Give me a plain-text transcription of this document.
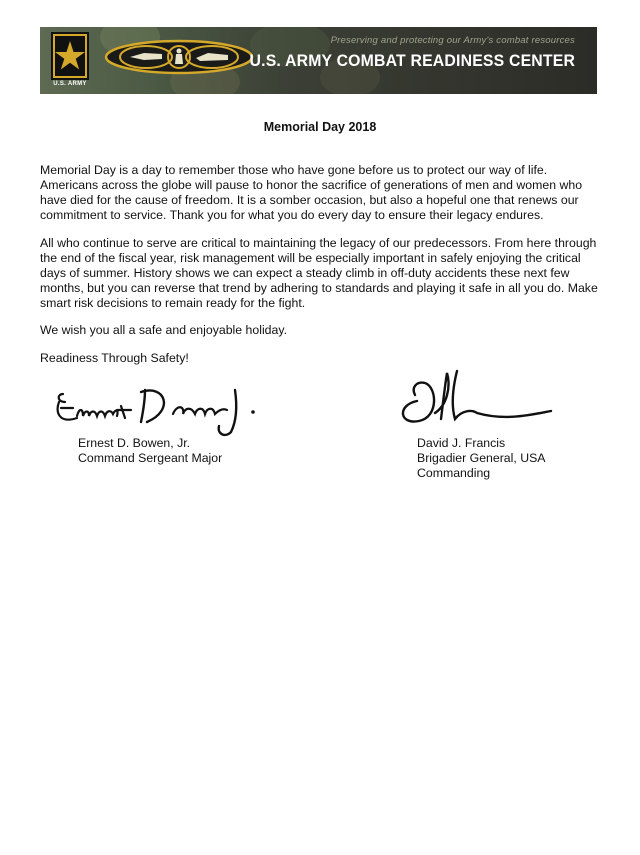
U.S. ARMY
Preserving and protecting our Army's combat resources
U.S. ARMY COMBAT READINESS CENTER
Memorial Day 2018

Memorial Day is a day to remember those who have gone before us to protect our way of life. Americans across the globe will pause to honor the sacrifice of generations of men and women who have died for the cause of freedom. It is a somber occasion, but also a hopeful one that renews our commitment to service. Thank you for what you do every day to ensure their legacy endures.

All who continue to serve are critical to maintaining the legacy of our predecessors. From here through the end of the fiscal year, risk management will be especially important in safely enjoying the critical days of summer. History shows we can expect a steady climb in off-duty accidents these next few months, but you can reverse that trend by adhering to standards and playing it safe in all you do. Make smart risk decisions to remain ready for the fight.

We wish you all a safe and enjoyable holiday.

Readiness Through Safety!

Ernest D. Bowen, Jr.
Command Sergeant Major
David J. Francis
Brigadier General, USA
Commanding
